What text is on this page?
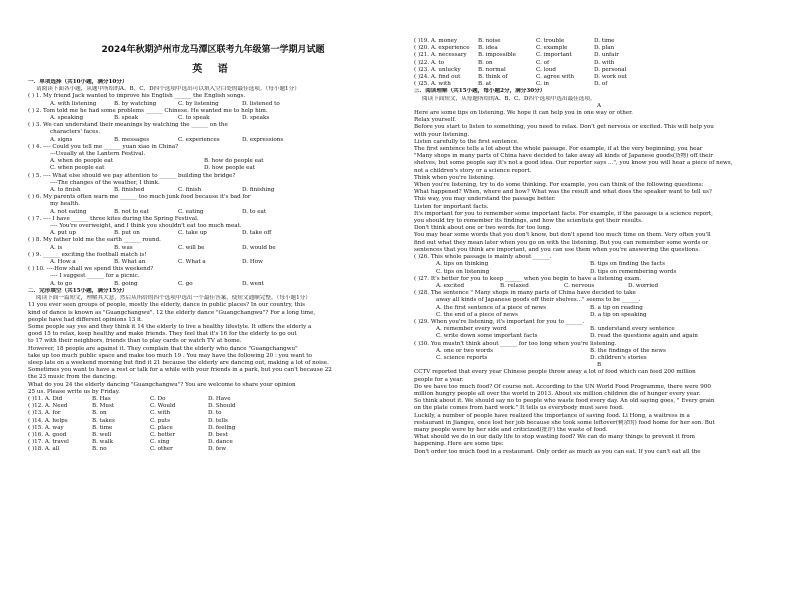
2024年秋期泸州市龙马潭区联考九年级第一学期月试题
英 语
一．单项选择（共10小题，满分10分）
请阅读下面各小题，从题中所给的A、B、C、D四个选项中选出可以填入空白处的最佳选项。（每小题1分）
( ) 1. My friend Jack wanted to improve his English ______ the English songs.
A. with listening	B. by watching	C. by listening	D. listened to
( ) 2. Tom told me he had some problems ______ Chinese. He wanted me to help him.
A. speaking	B. speak	C. to speak	D. speaks
( ) 3. We can understand their meanings by watching the ______ on the
characters' faces.
A. signs	B. messages	C. experiences	D. expressions
( ) 4. ---- Could you tell me ______ yuan xiao in China?
---Usually at the Lantern Festival.
A. when do people eat	B. how do people eat
C. when people eat	D. how people eat
( ) 5. ---- What else should we pay attention to ______ building the bridge?
----The changes of the weather, I think.
A. to finish	B. finished	C. finish	D. finishing
( ) 6. My parents often warn me ______ too much junk food because it's bad for
my health.
A. not eating	B. not to eat	C. eating	D. to eat
( ) 7. ---- I have ______ three kites during the Spring Festival.
---- You're overweight, and I think you shouldn't eat too much meat.
A. put up	B. put on	C. take up	D. take off
( ) 8. My father told me the earth ______ round.
A. is	B. was	C. will be	D. would be
( ) 9. ______ exciting the football match is!
A. How a	B. What an	C. What a	D. How
( ) 10. ----How shall we spend this weekend?
---- I suggest ______ for a picnic.
A. to go	B. going	C. go	D. went
二．完形填空（共15小题，满分15分）
阅读下面一篇短文，理解其大意，然后从所给的四个选项中选出一个最佳答案，使短文通顺完整。（每小题1分）
11 you ever seen groups of people, mostly the elderly, dance in public places? In our country, this
kind of dance is known as "Guangchangwu". 12 the elderly dance "Guangchangwu"? For a long time,
people have had different opinions 13 it.
Some people say yes and they think it 14 the elderly to live a healthy lifestyle. It offers the elderly a
good 15 to relax, keep healthy and make friends. They feel that it's 16 for the elderly to go out
to 17 with their neighbors, friends than to play cards or watch TV at home.
However, 18 people are against it. They complain that the elderly who dance "Guangchangwu"
take up too much public space and make too much 19 . You may have the following 20 : you want to
sleep late on a weekend morning but find it 21 because the elderly are dancing out, making a lot of noise.
Sometimes you want to have a rest or talk for a while with your friends in a park, but you can't because 22
the 23 music from the dancing.
What do you 24 the elderly dancing "Guangchangwu"? You are welcome to share your opinion
25 us. Please write us by Friday.
( )11. A. Did	B. Has	C. Do	D. Have
( )12. A. Need	B. Must	C. Would	D. Should
( )13. A. for	B. on	C. with	D. to
( )14. A. helps	B. takes	C. puts	D. tells
( )15. A. way	B. time	C. place	D. feeling
( )16. A. good	B. well	C. better	D. best
( )17. A. travel	B. walk	C. sing	D. dance
( )18. A. all	B. no	C. other	D. few
( )19. A. money	B. noise	C. trouble	D. time
( )20. A. experience	B. idea	C. example	D. plan
( )21. A. necessary	B. impossible	C. important	D. unfair
( )22. A. to	B. on	C. of	D. with
( )23. A. unlucky	B. normal	C. loud	D. personal
( )24. A. find out	B. think of	C. agree with	D. work out
( )25. A. with	B. at	C. in	D. of
三．阅读理解（共15小题，每小题2分，满分30分）
阅读下面短文，从每题所给的A、B、C、D四个选项中选出最佳选项。
A
Here are some tips on listening. We hope it can help you in one way or other.
Relax yourself.
Before you start to listen to something, you need to relax. Don't get nervous or excited. This will help you
with your listening.
Listen carefully to the first sentence.
The first sentence tells a lot about the whole passage. For example, if at the very beginning, you hear
"Many shops in many parts of China have decided to take away all kinds of Japanese goods(货物) off their
shelves, but some people say it's not a good idea. Our reporter says ...", you know you will hear a piece of news,
not a children's story or a science report.
Think when you're listening.
When you're listening, try to do some thinking. For example, you can think of the following questions:
What happened? When, where and how? What was the result and what does the speaker want to tell us?
This way, you may understand the passage better.
Listen for important facts.
It's important for you to remember some important facts. For example, if the passage is a science report,
you should try to remember its findings, and how the scientists got their results.
Don't think about one or two words for too long.
You may hear some words that you don't know, but don't spend too much time on them. Very often you'll
find out what they mean later when you go on with the listening. But you can remember some words or
sentences that you think are important, and you can use them when you're answering the questions.
( )26. This whole passage is mainly about ______.
A. tips on thinking	B. tips on finding the facts
C. tips on listening	D. tips on remembering words
( )27. It's better for you to keep ______ when you begin to have a listening exam.
A. excited	B. relaxed	C. nervous	D. worried
( )28. The sentence " Many shops in many parts of China have decided to take
away all kinds of Japanese goods off their shelves..." seems to be ______.
A. the first sentence of a piece of news	B. a tip on reading
C. the end of a piece of news	D. a tip on speaking
( )29. When you're listening, it's important for you to ______.
A. remember every word	B. understand every sentence
C. write down some important facts	D. read the questions again and again
( )30. You mustn't think about ______ for too long when you're listening.
A. one or two words	B. the findings of the news
C. science reports	D. children's stories
B
CCTV reported that every year Chinese people throw away a lot of food which can feed 200 million
people for a year.
Do we have too much food? Of course not. According to the UN World Food Programme, there were 900
million hungry people all over the world in 2013. About six million children die of hunger every year.
So think about it. We should say no to people who waste food every day. An old saying goes, " Every grain
on the plate comes from hard work." It tells us everybody must save food.
Luckily, a number of people have realized the importance of saving food. Li Hong, a waitress in a
restaurant in Jiangsu, once lost her job because she took some leftover(剩余的) food home for her son. But
many people were by her side and criticized(批评) the waste of food.
What should we do in our daily life to stop wasting food? We can do many things to prevent it from
happening. Here are some tips:
Don't order too much food in a restaurant. Only order as much as you can eat. If you can't eat all the
